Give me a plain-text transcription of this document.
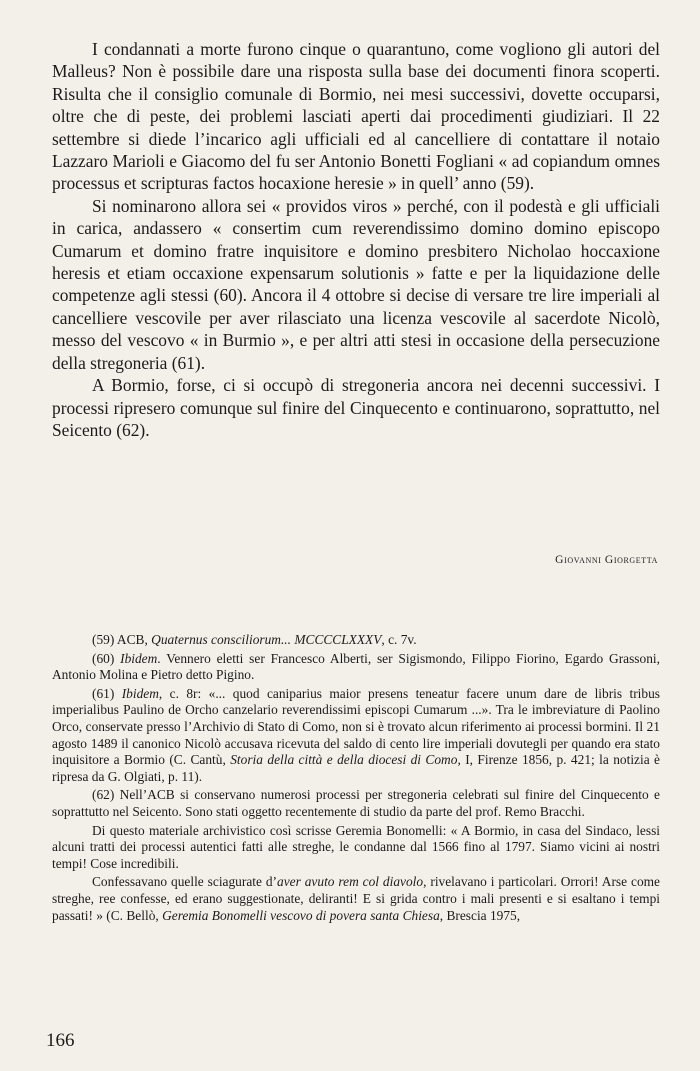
I condannati a morte furono cinque o quarantuno, come vogliono gli autori del Malleus? Non è possibile dare una risposta sulla base dei documenti finora scoperti. Risulta che il consiglio comunale di Bormio, nei mesi successivi, dovette occuparsi, oltre che di peste, dei problemi lasciati aperti dai procedimenti giudiziari. Il 22 settembre si diede l’incarico agli ufficiali ed al cancelliere di contattare il notaio Lazzaro Marioli e Giacomo del fu ser Antonio Bonetti Fogliani « ad copiandum omnes processus et scripturas factos hocaxione heresie » in quell’ anno (59).

Si nominarono allora sei « providos viros » perché, con il podestà e gli ufficiali in carica, andassero « consertim cum reverendissimo domino domino episcopo Cumarum et domino fratre inquisitore e domino presbitero Nicholao hoccaxione heresis et etiam occaxione expensarum solutionis » fatte e per la liquidazione delle competenze agli stessi (60). Ancora il 4 ottobre si decise di versare tre lire imperiali al cancelliere vescovile per aver rilasciato una licenza vescovile al sacerdote Nicolò, messo del vescovo « in Burmio », e per altri atti stesi in occasione della persecuzione della stregoneria (61).

A Bormio, forse, ci si occupò di stregoneria ancora nei decenni successivi. I processi ripresero comunque sul finire del Cinquecento e continuarono, soprattutto, nel Seicento (62).

Giovanni Giorgetta

(59) ACB, Quaternus consciliorum... MCCCCLXXXV, c. 7v.

(60) Ibidem. Vennero eletti ser Francesco Alberti, ser Sigismondo, Filippo Fiorino, Egardo Grassoni, Antonio Molina e Pietro detto Pigino.

(61) Ibidem, c. 8r: «... quod caniparius maior presens teneatur facere unum dare de libris tribus imperialibus Paulino de Orcho canzelario reverendissimi episcopi Cumarum ...». Tra le imbreviature di Paolino Orco, conservate presso l’Archivio di Stato di Como, non si è trovato alcun riferimento ai processi bormini. Il 21 agosto 1489 il canonico Nicolò accusava ricevuta del saldo di cento lire imperiali dovutegli per quando era stato inquisitore a Bormio (C. Cantù, Storia della città e della diocesi di Como, I, Firenze 1856, p. 421; la notizia è ripresa da G. Olgiati, p. 11).

(62) Nell’ACB si conservano numerosi processi per stregoneria celebrati sul finire del Cinquecento e soprattutto nel Seicento. Sono stati oggetto recentemente di studio da parte del prof. Remo Bracchi.

Di questo materiale archivistico così scrisse Geremia Bonomelli: « A Bormio, in casa del Sindaco, lessi alcuni tratti dei processi autentici fatti alle streghe, le condanne dal 1566 fino al 1797. Siamo vicini ai nostri tempi! Cose incredibili.

Confessavano quelle sciagurate d’aver avuto rem col diavolo, rivelavano i particolari. Orrori! Arse come streghe, ree confesse, ed erano suggestionate, deliranti! E si grida contro i mali presenti e si esaltano i tempi passati! » (C. Bellò, Geremia Bonomelli vescovo di povera santa Chiesa, Brescia 1975,

166
